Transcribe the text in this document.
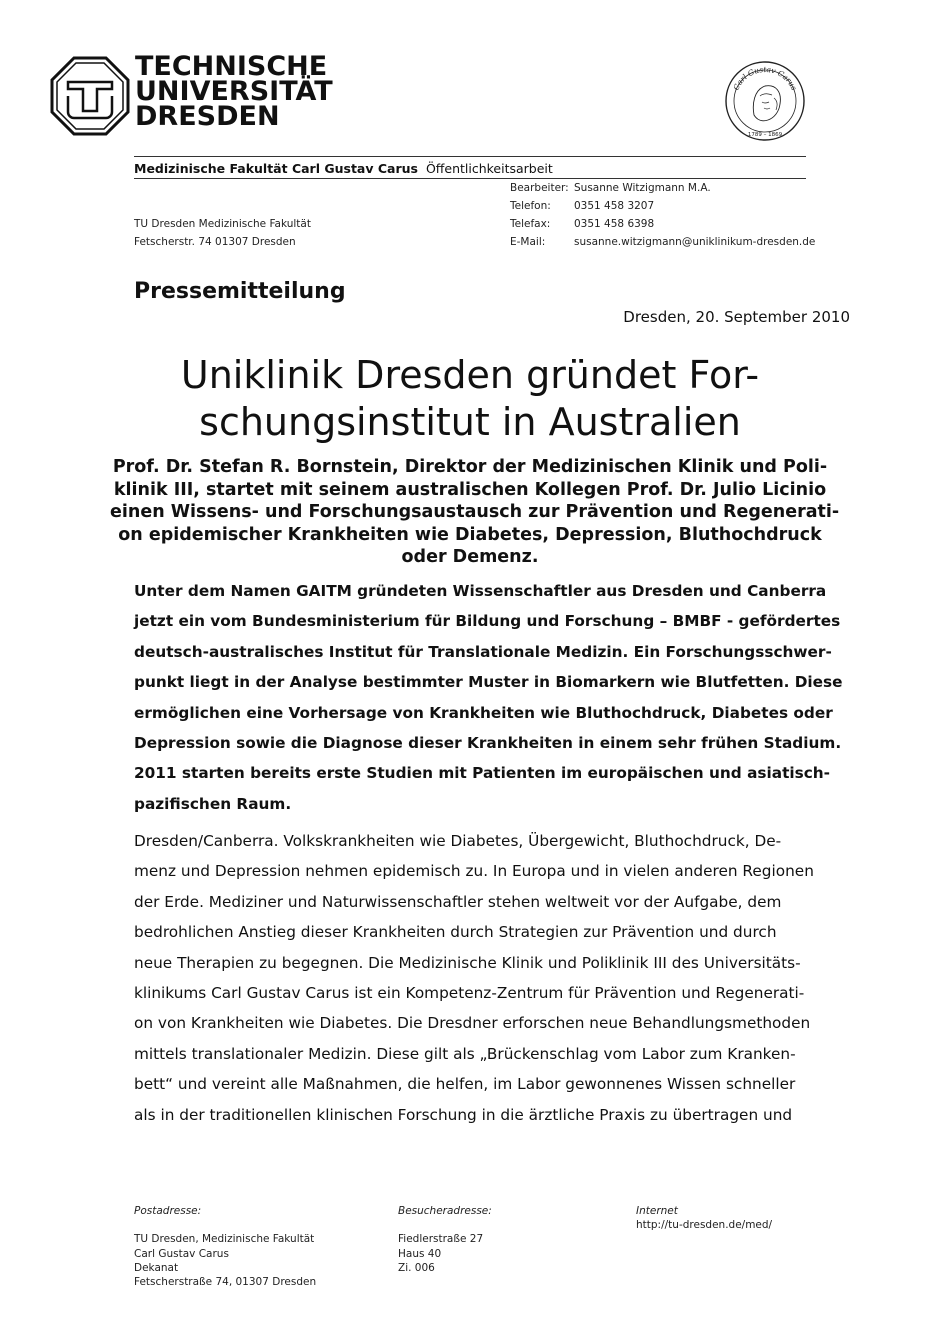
TECHNISCHE
UNIVERSITÄT
DRESDEN
Carl Gustav Carus
1789 – 1869
Medizinische Fakultät Carl Gustav Carus Öffentlichkeitsarbeit
TU Dresden Medizinische Fakultät
Fetscherstr. 74 01307 Dresden
Bearbeiter: Susanne Witzigmann M.A.
Telefon: 0351 458 3207
Telefax: 0351 458 6398
E-Mail:	susanne.witzigmann@uniklinikum-dresden.de
Pressemitteilung
Dresden, 20. September 2010
Uniklinik Dresden gründet For-
schungsinstitut in Australien
Prof. Dr. Stefan R. Bornstein, Direktor der Medizinischen Klinik und Poli-
klinik III, startet mit seinem australischen Kollegen Prof. Dr. Julio Licinio
einen Wissens- und Forschungsaustausch zur Prävention und Regenerati-
on epidemischer Krankheiten wie Diabetes, Depression, Bluthochdruck
oder Demenz.
Unter dem Namen GAITM gründeten Wissenschaftler aus Dresden und Canberra
jetzt ein vom Bundesministerium für Bildung und Forschung – BMBF - gefördertes
deutsch-australisches Institut für Translationale Medizin. Ein Forschungsschwer-
punkt liegt in der Analyse bestimmter Muster in Biomarkern wie Blutfetten. Diese
ermöglichen eine Vorhersage von Krankheiten wie Bluthochdruck, Diabetes oder
Depression sowie die Diagnose dieser Krankheiten in einem sehr frühen Stadium.
2011 starten bereits erste Studien mit Patienten im europäischen und asiatisch-
pazifischen Raum.
Dresden/Canberra. Volkskrankheiten wie Diabetes, Übergewicht, Bluthochdruck, De-
menz und Depression nehmen epidemisch zu. In Europa und in vielen anderen Regionen
der Erde. Mediziner und Naturwissenschaftler stehen weltweit vor der Aufgabe, dem
bedrohlichen Anstieg dieser Krankheiten durch Strategien zur Prävention und durch
neue Therapien zu begegnen. Die Medizinische Klinik und Poliklinik III des Universitäts-
klinikums Carl Gustav Carus ist ein Kompetenz-Zentrum für Prävention und Regenerati-
on von Krankheiten wie Diabetes. Die Dresdner erforschen neue Behandlungsmethoden
mittels translationaler Medizin. Diese gilt als „Brückenschlag vom Labor zum Kranken-
bett“ und vereint alle Maßnahmen, die helfen, im Labor gewonnenes Wissen schneller
als in der traditionellen klinischen Forschung in die ärztliche Praxis zu übertragen und
Postadresse:
TU Dresden, Medizinische Fakultät
Carl Gustav Carus
Dekanat
Fetscherstraße 74, 01307 Dresden
Besucheradresse:
Fiedlerstraße 27
Haus 40
Zi. 006
Internet
http://tu-dresden.de/med/
